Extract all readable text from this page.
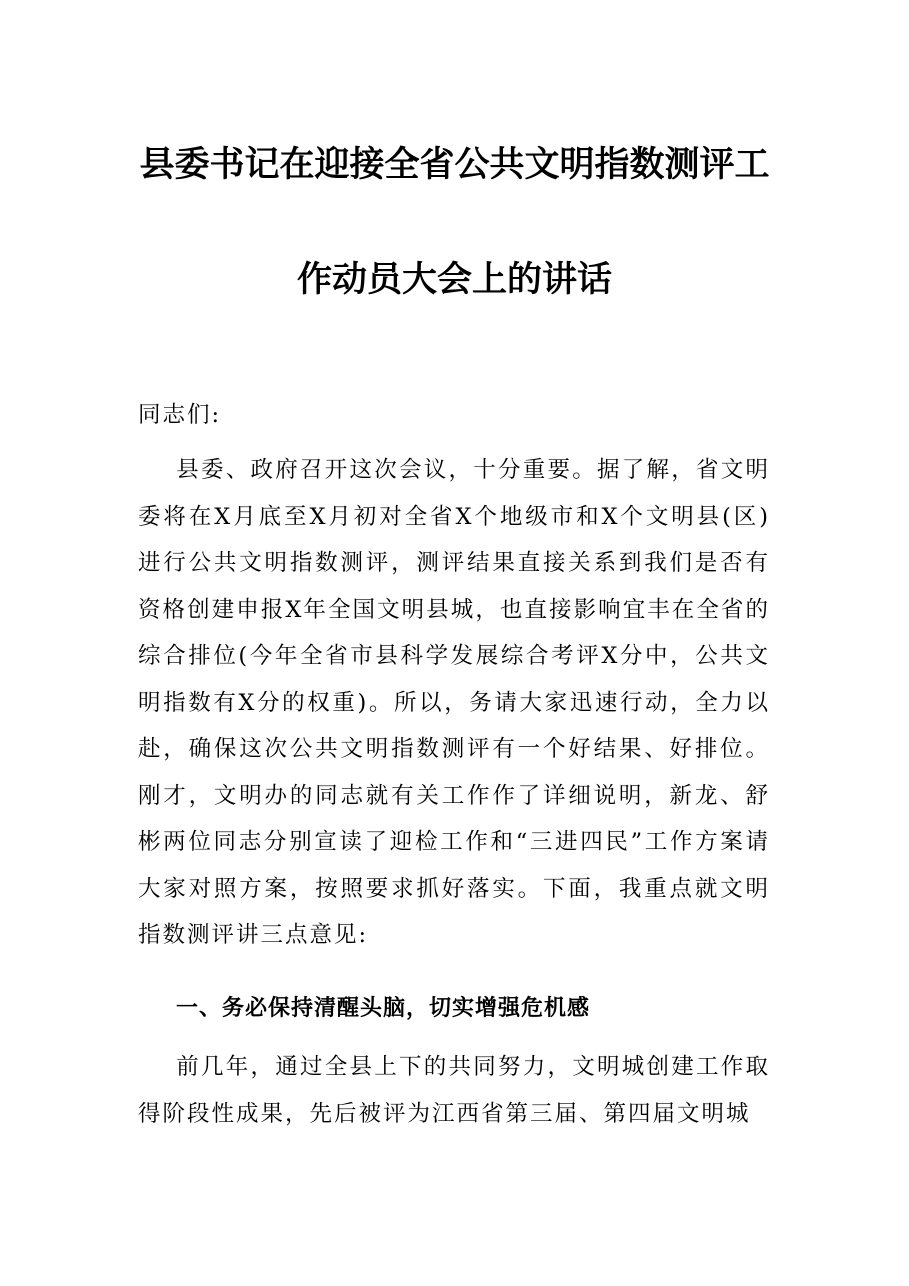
县委书记在迎接全省公共文明指数测评工
作动员大会上的讲话
同志们:
县委、政府召开这次会议，十分重要。据了解，省文明委将在X月底至X月初对全省X个地级市和X个文明县(区)进行公共文明指数测评，测评结果直接关系到我们是否有资格创建申报X年全国文明县城，也直接影响宜丰在全省的综合排位(今年全省市县科学发展综合考评X分中，公共文明指数有X分的权重)。所以，务请大家迅速行动，全力以赴，确保这次公共文明指数测评有一个好结果、好排位。刚才，文明办的同志就有关工作作了详细说明，新龙、舒彬两位同志分别宣读了迎检工作和“三进四民”工作方案请大家对照方案，按照要求抓好落实。下面，我重点就文明指数测评讲三点意见:
一、务必保持清醒头脑，切实增强危机感
前几年，通过全县上下的共同努力，文明城创建工作取得阶段性成果，先后被评为江西省第三届、第四届文明城
